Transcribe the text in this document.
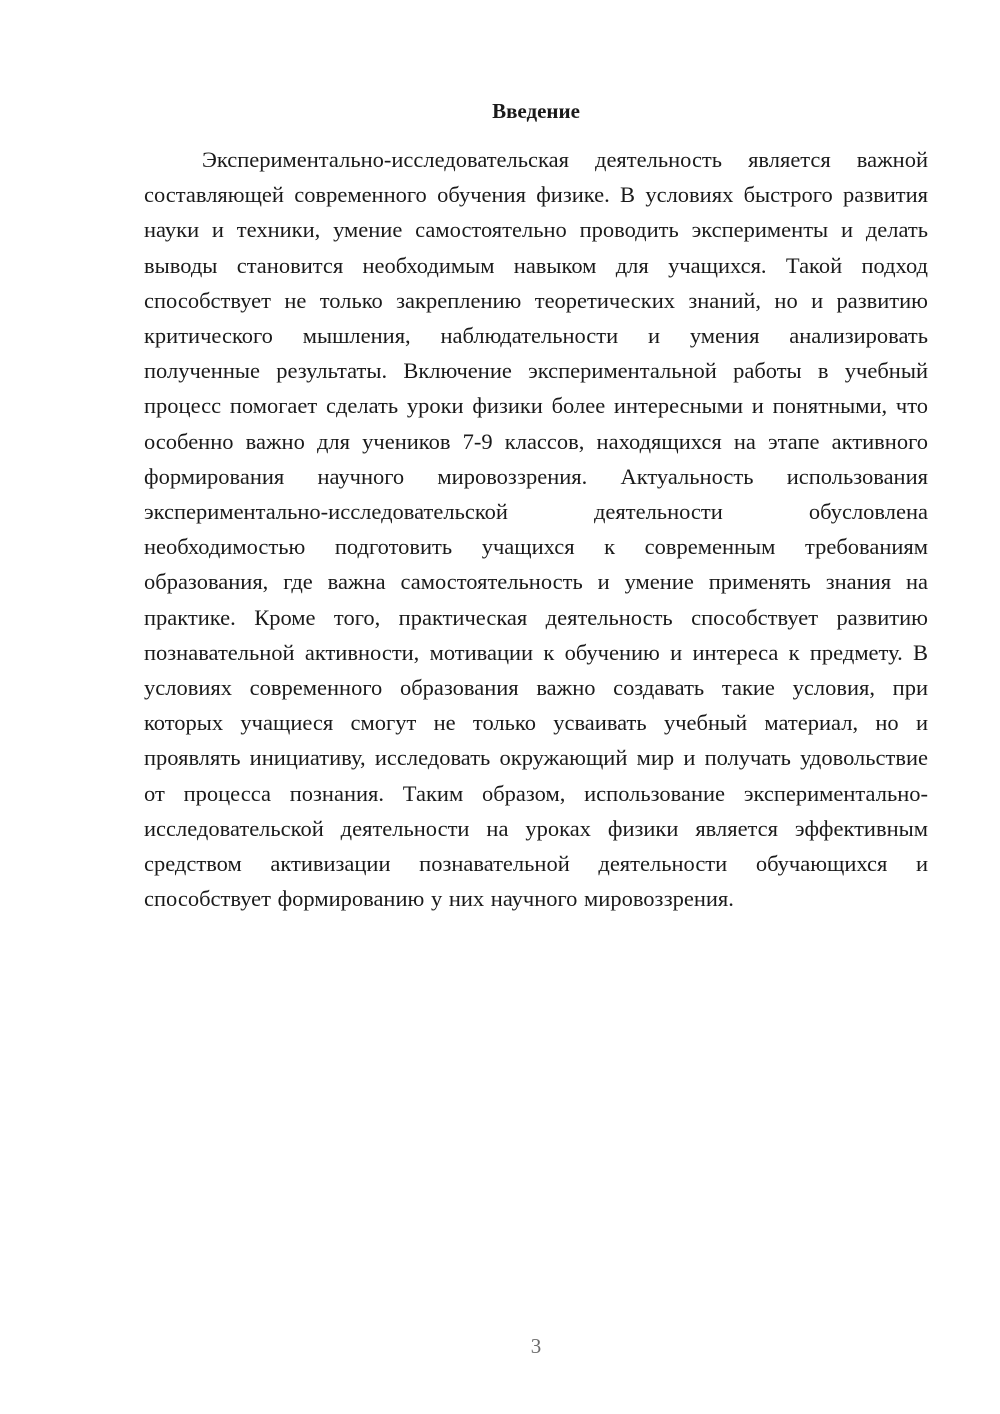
Введение

Экспериментально-исследовательская деятельность является важной составляющей современного обучения физике. В условиях быстрого развития науки и техники, умение самостоятельно проводить эксперименты и делать выводы становится необходимым навыком для учащихся. Такой подход способствует не только закреплению теоретических знаний, но и развитию критического мышления, наблюдательности и умения анализировать полученные результаты. Включение экспериментальной работы в учебный процесс помогает сделать уроки физики более интересными и понятными, что особенно важно для учеников 7-9 классов, находящихся на этапе активного формирования научного мировоззрения. Актуальность использования экспериментально-исследовательской деятельности обусловлена необходимостью подготовить учащихся к современным требованиям образования, где важна самостоятельность и умение применять знания на практике. Кроме того, практическая деятельность способствует развитию познавательной активности, мотивации к обучению и интереса к предмету. В условиях современного образования важно создавать такие условия, при которых учащиеся смогут не только усваивать учебный материал, но и проявлять инициативу, исследовать окружающий мир и получать удовольствие от процесса познания. Таким образом, использование экспериментально-исследовательской деятельности на уроках физики является эффективным средством активизации познавательной деятельности обучающихся и способствует формированию у них научного мировоззрения.

3
